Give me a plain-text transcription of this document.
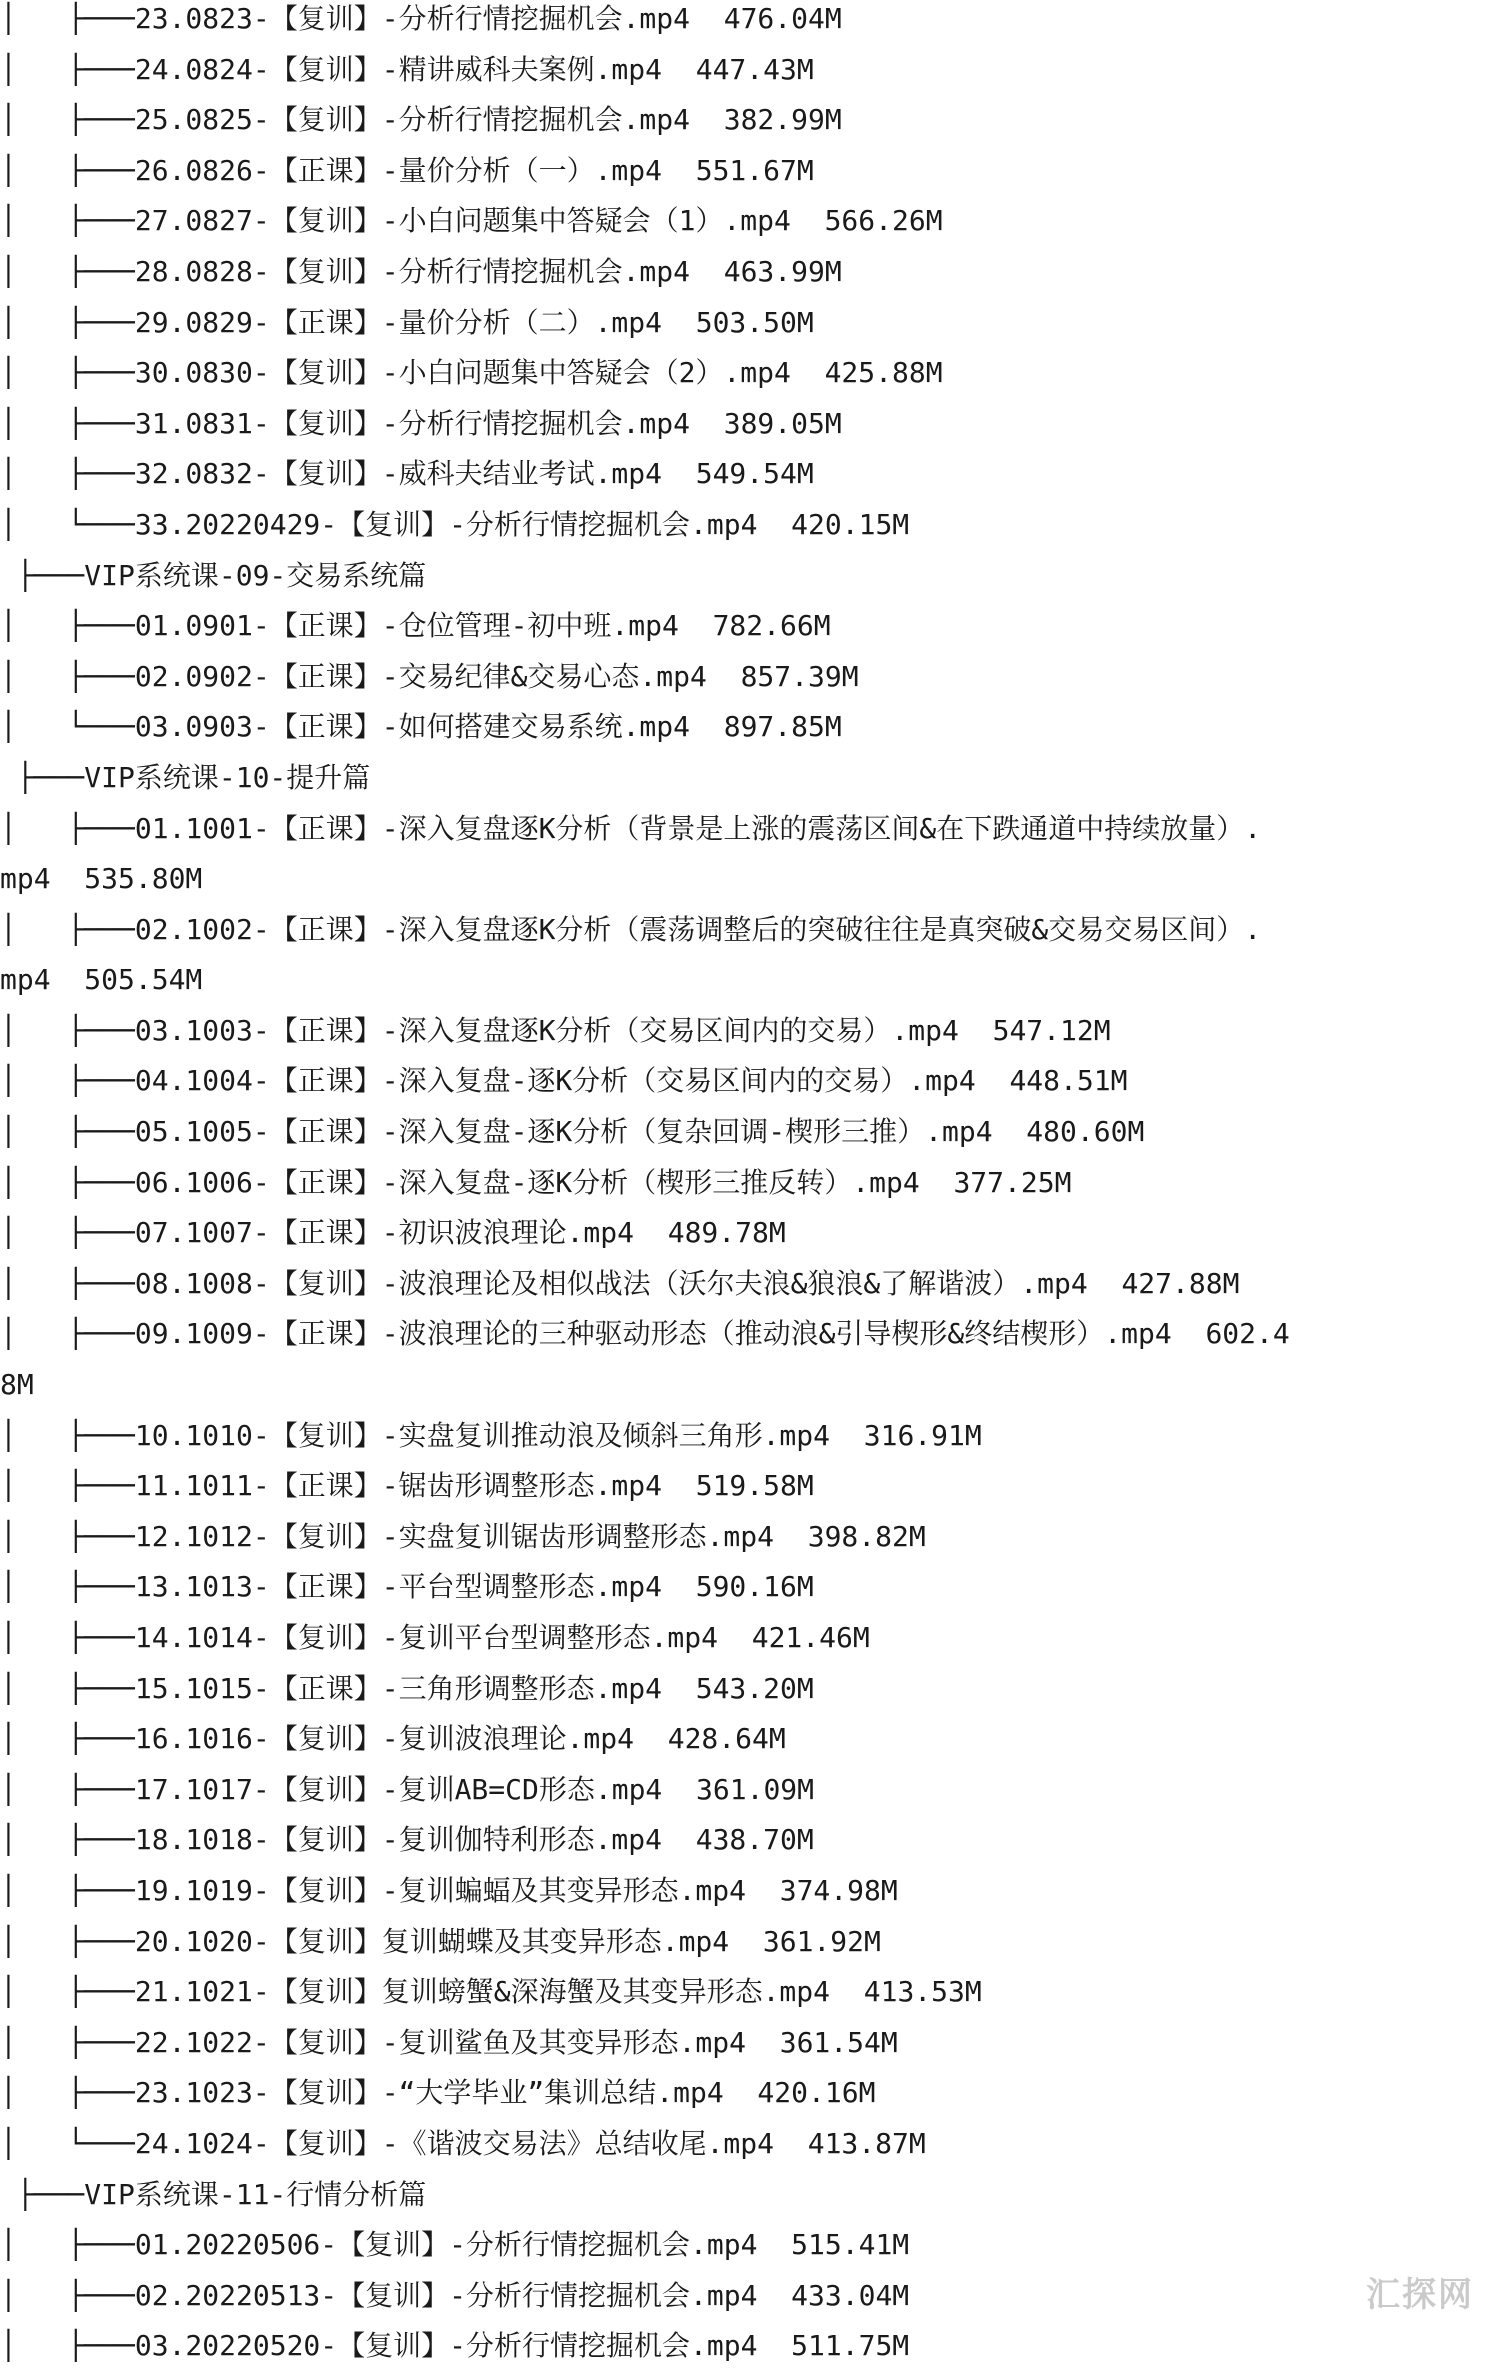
│   ├───23.0823-【复训】-分析行情挖掘机会.mp4  476.04M
│   ├───24.0824-【复训】-精讲威科夫案例.mp4  447.43M
│   ├───25.0825-【复训】-分析行情挖掘机会.mp4  382.99M
│   ├───26.0826-【正课】-量价分析（一）.mp4  551.67M
│   ├───27.0827-【复训】-小白问题集中答疑会（1）.mp4  566.26M
│   ├───28.0828-【复训】-分析行情挖掘机会.mp4  463.99M
│   ├───29.0829-【正课】-量价分析（二）.mp4  503.50M
│   ├───30.0830-【复训】-小白问题集中答疑会（2）.mp4  425.88M
│   ├───31.0831-【复训】-分析行情挖掘机会.mp4  389.05M
│   ├───32.0832-【复训】-威科夫结业考试.mp4  549.54M
│   └───33.20220429-【复训】-分析行情挖掘机会.mp4  420.15M
├───VIP系统课-09-交易系统篇
│   ├───01.0901-【正课】-仓位管理-初中班.mp4  782.66M
│   ├───02.0902-【正课】-交易纪律&交易心态.mp4  857.39M
│   └───03.0903-【正课】-如何搭建交易系统.mp4  897.85M
├───VIP系统课-10-提升篇
│   ├───01.1001-【正课】-深入复盘逐K分析（背景是上涨的震荡区间&在下跌通道中持续放量）.
mp4  535.80M
│   ├───02.1002-【正课】-深入复盘逐K分析（震荡调整后的突破往往是真突破&交易交易区间）.
mp4  505.54M
│   ├───03.1003-【正课】-深入复盘逐K分析（交易区间内的交易）.mp4  547.12M
│   ├───04.1004-【正课】-深入复盘-逐K分析（交易区间内的交易）.mp4  448.51M
│   ├───05.1005-【正课】-深入复盘-逐K分析（复杂回调-楔形三推）.mp4  480.60M
│   ├───06.1006-【正课】-深入复盘-逐K分析（楔形三推反转）.mp4  377.25M
│   ├───07.1007-【正课】-初识波浪理论.mp4  489.78M
│   ├───08.1008-【复训】-波浪理论及相似战法（沃尔夫浪&狼浪&了解谐波）.mp4  427.88M
│   ├───09.1009-【正课】-波浪理论的三种驱动形态（推动浪&引导楔形&终结楔形）.mp4  602.4
8M
│   ├───10.1010-【复训】-实盘复训推动浪及倾斜三角形.mp4  316.91M
│   ├───11.1011-【正课】-锯齿形调整形态.mp4  519.58M
│   ├───12.1012-【复训】-实盘复训锯齿形调整形态.mp4  398.82M
│   ├───13.1013-【正课】-平台型调整形态.mp4  590.16M
│   ├───14.1014-【复训】-复训平台型调整形态.mp4  421.46M
│   ├───15.1015-【正课】-三角形调整形态.mp4  543.20M
│   ├───16.1016-【复训】-复训波浪理论.mp4  428.64M
│   ├───17.1017-【复训】-复训AB=CD形态.mp4  361.09M
│   ├───18.1018-【复训】-复训伽特利形态.mp4  438.70M
│   ├───19.1019-【复训】-复训蝙蝠及其变异形态.mp4  374.98M
│   ├───20.1020-【复训】复训蝴蝶及其变异形态.mp4  361.92M
│   ├───21.1021-【复训】复训螃蟹&深海蟹及其变异形态.mp4  413.53M
│   ├───22.1022-【复训】-复训鲨鱼及其变异形态.mp4  361.54M
│   ├───23.1023-【复训】-“大学毕业”集训总结.mp4  420.16M
│   └───24.1024-【复训】-《谐波交易法》总结收尾.mp4  413.87M
├───VIP系统课-11-行情分析篇
│   ├───01.20220506-【复训】-分析行情挖掘机会.mp4  515.41M
│   ├───02.20220513-【复训】-分析行情挖掘机会.mp4  433.04M
│   ├───03.20220520-【复训】-分析行情挖掘机会.mp4  511.75M
汇探网
